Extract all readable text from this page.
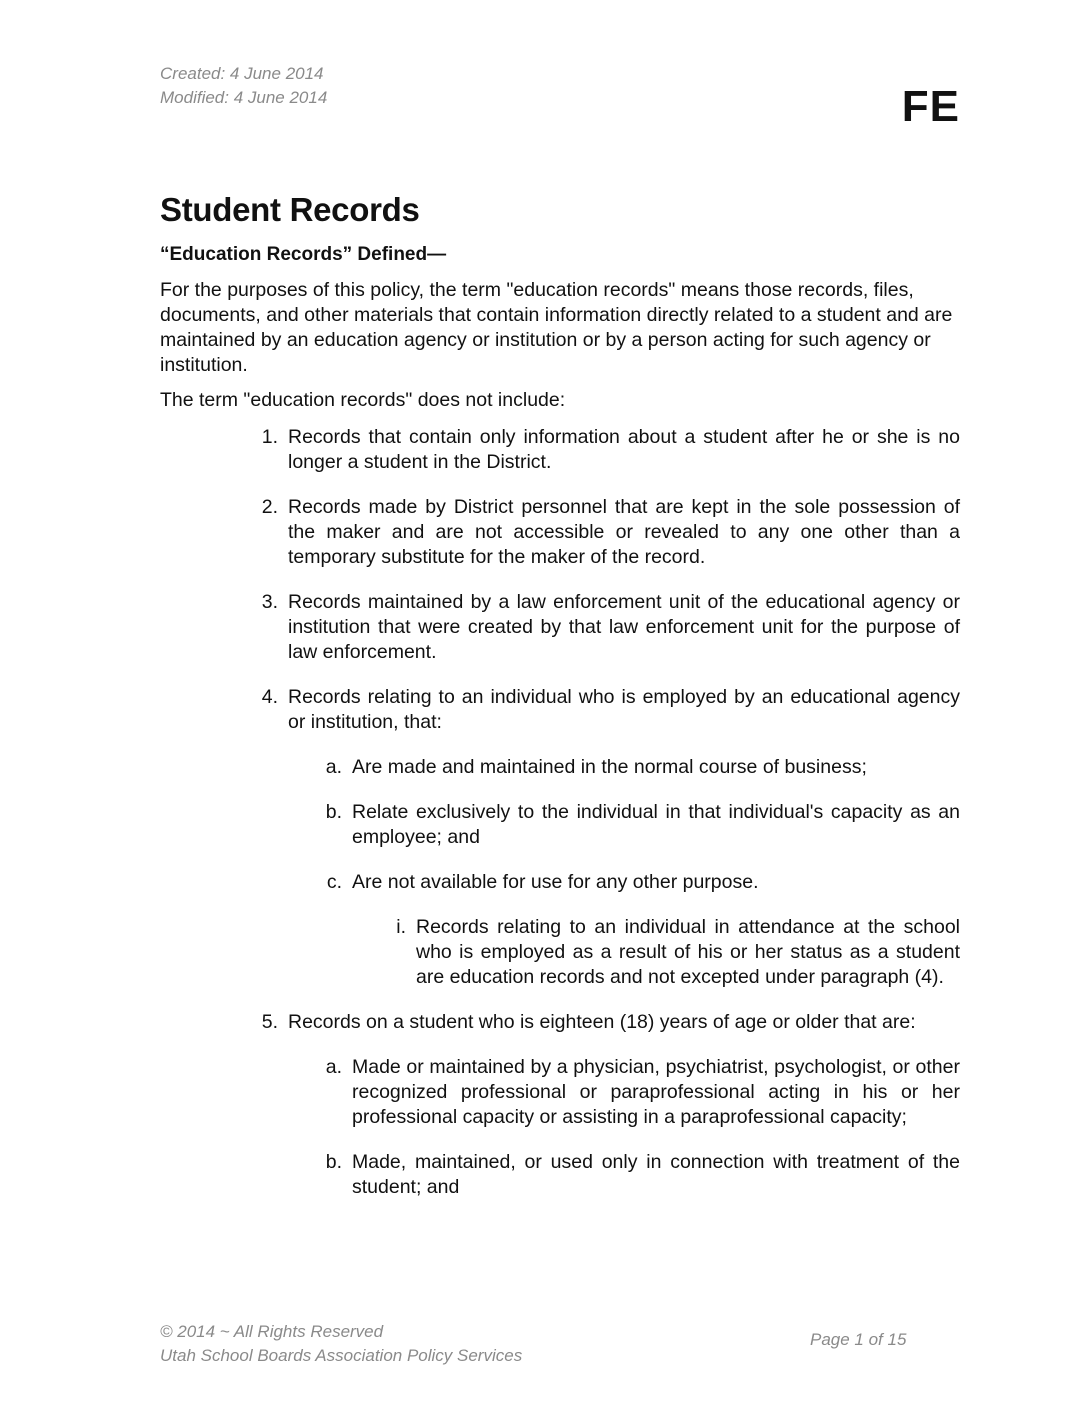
Created: 4 June 2014
Modified: 4 June 2014	FE
Student Records
“Education Records” Defined—

For the purposes of this policy, the term "education records" means those records, files, documents, and other materials that contain information directly related to a student and are maintained by an education agency or institution or by a person acting for such agency or institution.

The term "education records" does not include:

1. Records that contain only information about a student after he or she is no longer a student in the District.
2. Records made by District personnel that are kept in the sole possession of the maker and are not accessible or revealed to any one other than a temporary substitute for the maker of the record.
3. Records maintained by a law enforcement unit of the educational agency or institution that were created by that law enforcement unit for the purpose of law enforcement.
4. Records relating to an individual who is employed by an educational agency or institution, that:
a. Are made and maintained in the normal course of business;
b. Relate exclusively to the individual in that individual's capacity as an employee; and
c. Are not available for use for any other purpose.
i. Records relating to an individual in attendance at the school who is employed as a result of his or her status as a student are education records and not excepted under paragraph (4).
5. Records on a student who is eighteen (18) years of age or older that are:
a. Made or maintained by a physician, psychiatrist, psychologist, or other recognized professional or paraprofessional acting in his or her professional capacity or assisting in a paraprofessional capacity;
b. Made, maintained, or used only in connection with treatment of the student; and
© 2014 ~ All Rights Reserved
Utah School Boards Association Policy Services
Page 1 of 15
